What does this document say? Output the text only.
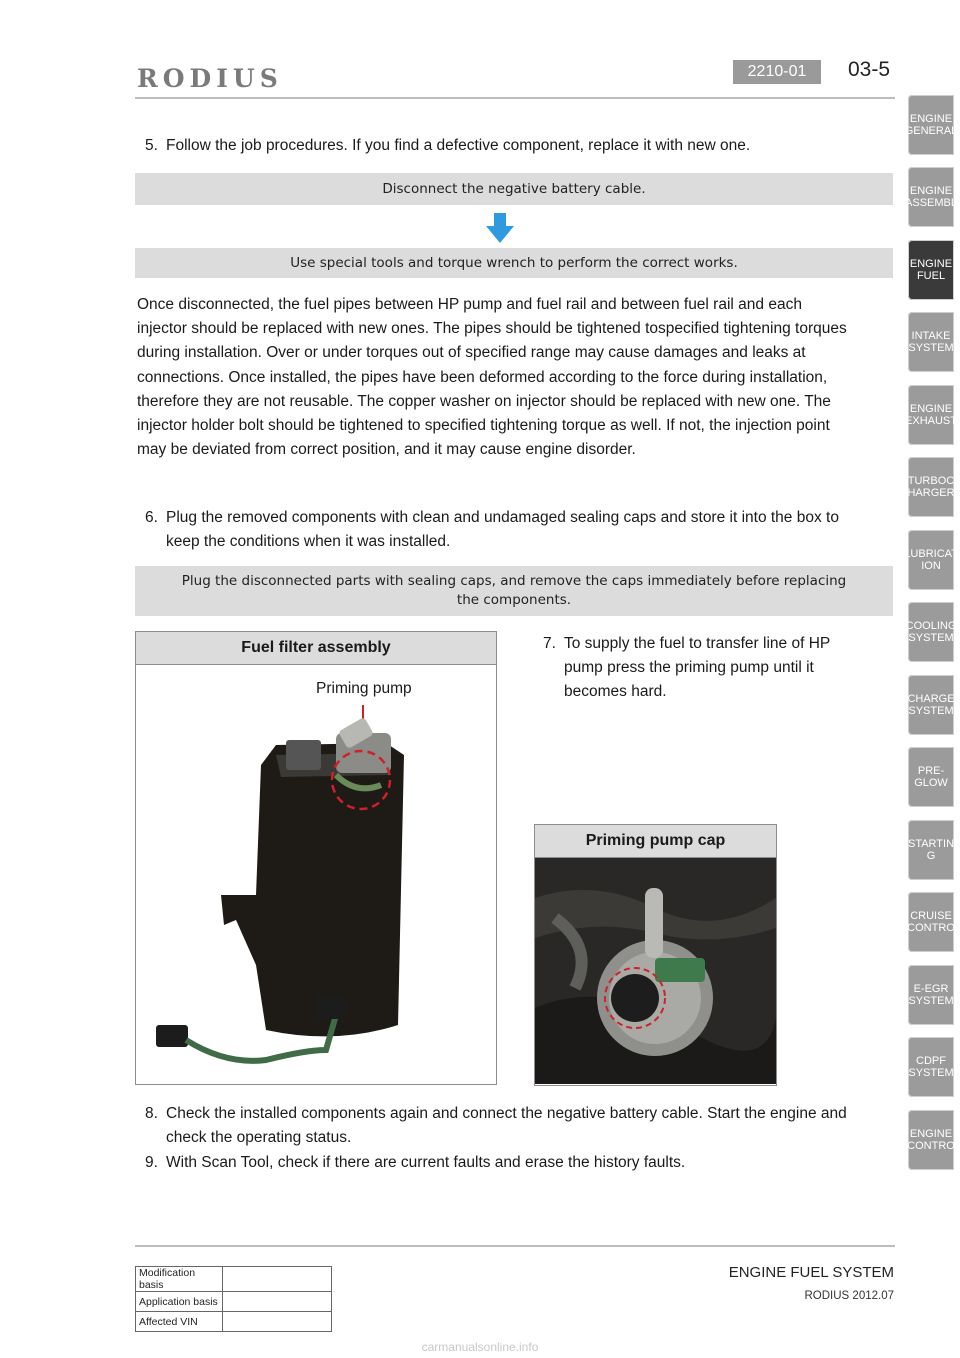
RODIUS	2210-01	03-5
ENGINE GENERAL
ENGINE ASSEMBL
ENGINE FUEL
INTAKE SYSTEM
ENGINE EXHAUST
TURBOC HARGER
LUBRICAT ION
COOLING SYSTEM
CHARGE SYSTEM
PRE- GLOW
STARTIN G
CRUISE CONTRO
E-EGR SYSTEM
CDPF SYSTEM
ENGINE CONTRO
5. Follow the job procedures. If you find a defective component, replace it with new one.
Disconnect the negative battery cable.
Use special tools and torque wrench to perform the correct works.
Once disconnected, the fuel pipes between HP pump and fuel rail and between fuel rail and each injector should be replaced with new ones. The pipes should be tightened tospecified tightening torques during installation. Over or under torques out of specified range may cause damages and leaks at connections. Once installed, the pipes have been deformed according to the force during installation, therefore they are not reusable. The copper washer on injector should be replaced with new one. The injector holder bolt should be tightened to specified tightening torque as well. If not, the injection point may be deviated from correct position, and it may cause engine disorder.
6. Plug the removed components with clean and undamaged sealing caps and store it into the box to keep the conditions when it was installed.
Plug the disconnected parts with sealing caps, and remove the caps immediately before replacing the components.
Fuel filter assembly
Priming pump
7. To supply the fuel to transfer line of HP pump press the priming pump until it becomes hard.
Priming pump cap
8. Check the installed components again and connect the negative battery cable. Start the engine and check the operating status.
9. With Scan Tool, check if there are current faults and erase the history faults.
Modification basis	
Application basis	
Affected VIN	
ENGINE FUEL SYSTEM
RODIUS 2012.07
carmanualsonline.info
